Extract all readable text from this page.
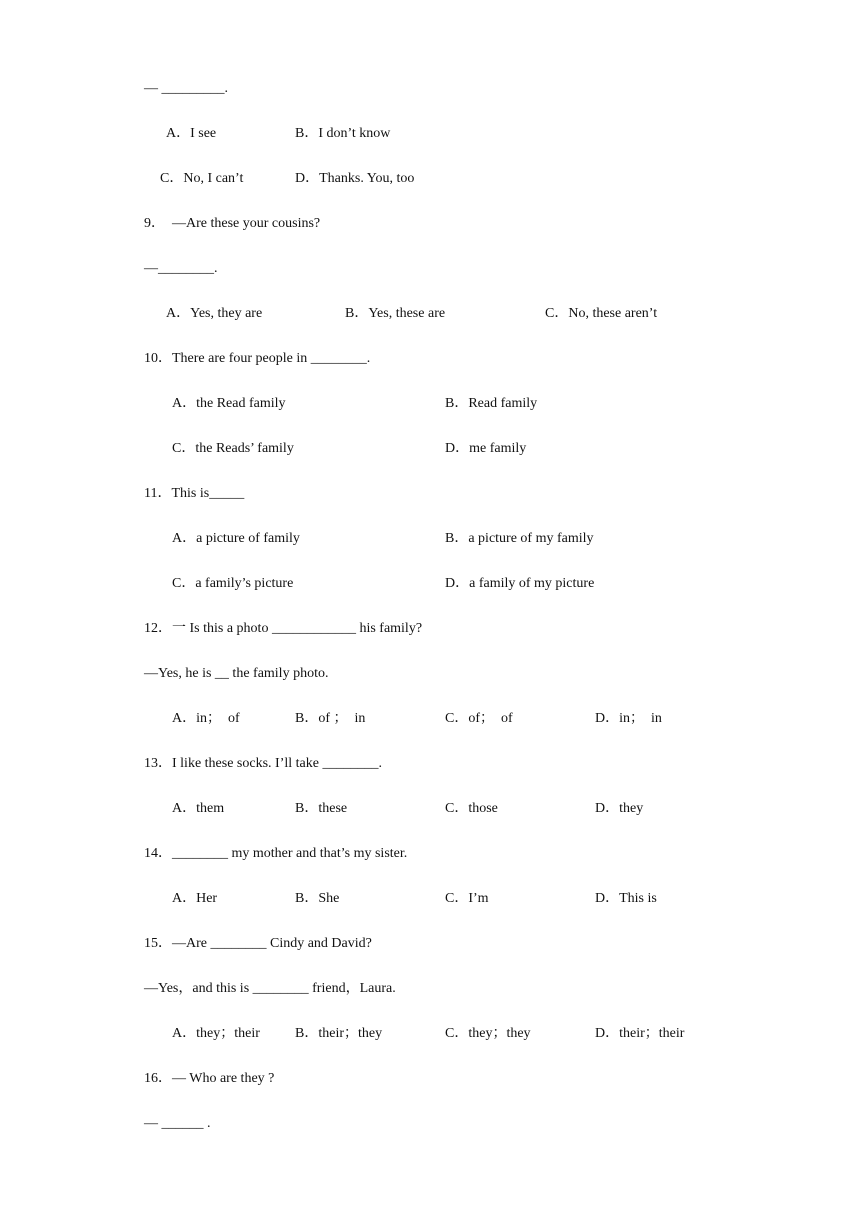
— _________.
A．I see	B．I don’t know
C．No, I can’t	D．Thanks. You, too
9．  —Are these your cousins?
—________.
A．Yes, they are	B．Yes, these are	C．No, these aren’t
10．There are four people in ________.
A．the Read family	B．Read family
C．the Reads’ family	D．me family
11．This is_____
A．a picture of family	B．a picture of my family
C．a family’s picture	D．a family of my picture
12．一 Is this a photo ____________ his family?
—Yes, he is __ the family photo.
A．in；  of	B．of ；  in	C．of；  of	D．in；  in
13．I like these socks. I’ll take ________.
A．them	B．these	C．those	D．they
14．________ my mother and that’s my sister.
A．Her	B．She	C．I’m	D．This is
15．—Are ________ Cindy and David?
—Yes，and this is ________ friend，Laura.
A．they；their	B．their；they	C．they；they	D．their；their
16．— Who are they ?
— ______ .
